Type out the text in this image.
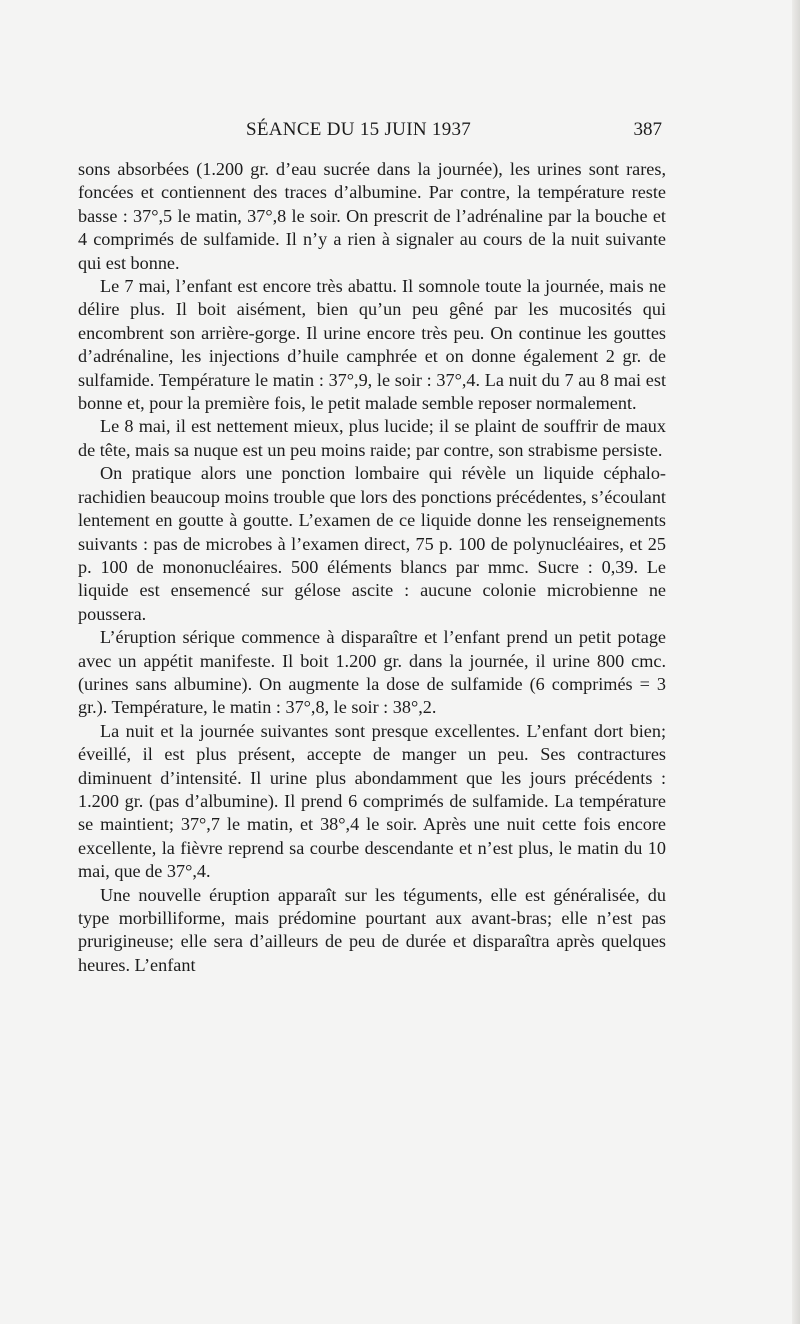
SÉANCE DU 15 JUIN 1937	387

sons absorbées (1.200 gr. d’eau sucrée dans la journée), les urines sont rares, foncées et contiennent des traces d’albumine. Par contre, la température reste basse : 37°,5 le matin, 37°,8 le soir. On prescrit de l’adrénaline par la bouche et 4 comprimés de sulfamide. Il n’y a rien à signaler au cours de la nuit suivante qui est bonne.

Le 7 mai, l’enfant est encore très abattu. Il somnole toute la journée, mais ne délire plus. Il boit aisément, bien qu’un peu gêné par les mucosités qui encombrent son arrière-gorge. Il urine encore très peu. On continue les gouttes d’adrénaline, les injections d’huile camphrée et on donne également 2 gr. de sulfamide. Température le matin : 37°,9, le soir : 37°,4. La nuit du 7 au 8 mai est bonne et, pour la première fois, le petit malade semble reposer normalement.

Le 8 mai, il est nettement mieux, plus lucide; il se plaint de souffrir de maux de tête, mais sa nuque est un peu moins raide; par contre, son strabisme persiste.

On pratique alors une ponction lombaire qui révèle un liquide céphalo-rachidien beaucoup moins trouble que lors des ponctions précédentes, s’écoulant lentement en goutte à goutte. L’examen de ce liquide donne les renseignements suivants : pas de microbes à l’examen direct, 75 p. 100 de polynucléaires, et 25 p. 100 de mononucléaires. 500 éléments blancs par mmc. Sucre : 0,39. Le liquide est ensemencé sur gélose ascite : aucune colonie microbienne ne poussera.

L’éruption sérique commence à disparaître et l’enfant prend un petit potage avec un appétit manifeste. Il boit 1.200 gr. dans la journée, il urine 800 cmc. (urines sans albumine). On augmente la dose de sulfamide (6 comprimés = 3 gr.). Température, le matin : 37°,8, le soir : 38°,2.

La nuit et la journée suivantes sont presque excellentes. L’enfant dort bien; éveillé, il est plus présent, accepte de manger un peu. Ses contractures diminuent d’intensité. Il urine plus abondamment que les jours précédents : 1.200 gr. (pas d’albumine). Il prend 6 comprimés de sulfamide. La température se maintient; 37°,7 le matin, et 38°,4 le soir. Après une nuit cette fois encore excellente, la fièvre reprend sa courbe descendante et n’est plus, le matin du 10 mai, que de 37°,4.

Une nouvelle éruption apparaît sur les téguments, elle est généralisée, du type morbilliforme, mais prédomine pourtant aux avant-bras; elle n’est pas prurigineuse; elle sera d’ailleurs de peu de durée et disparaîtra après quelques heures. L’enfant
